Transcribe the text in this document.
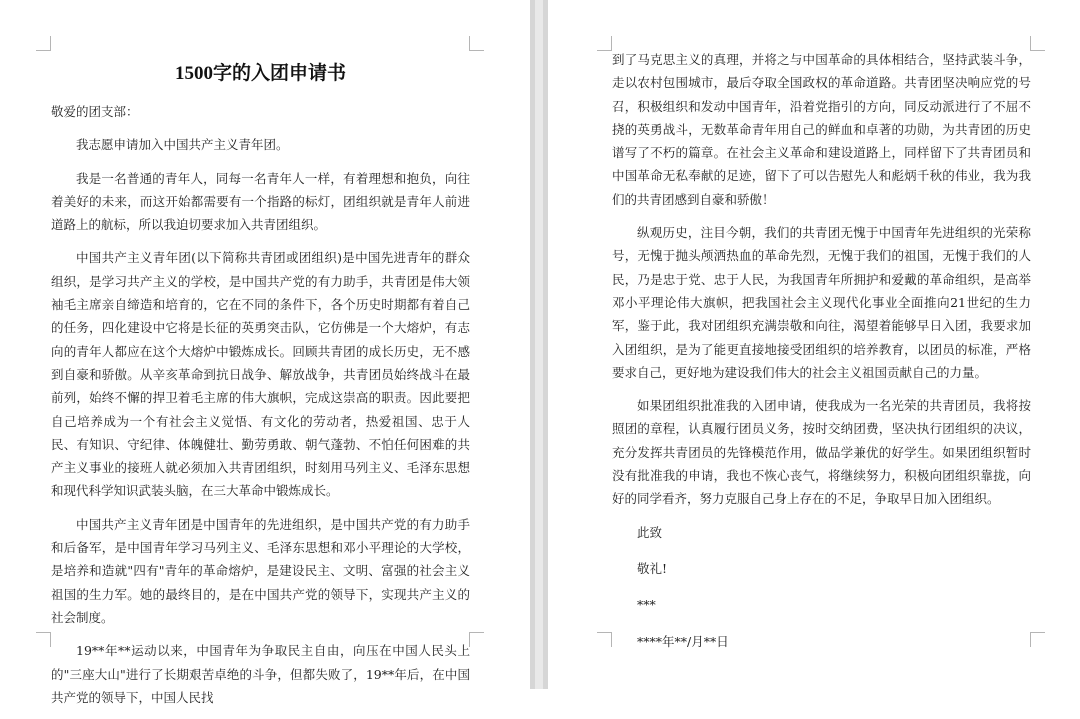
1500字的入团申请书

敬爱的团支部：

我志愿申请加入中国共产主义青年团。

我是一名普通的青年人，同每一名青年人一样，有着理想和抱负，向往着美好的未来，而这开始都需要有一个指路的标灯，团组织就是青年人前进道路上的航标，所以我迫切要求加入共青团组织。

中国共产主义青年团(以下简称共青团或团组织)是中国先进青年的群众组织，是学习共产主义的学校，是中国共产党的有力助手，共青团是伟大领袖毛主席亲自缔造和培育的，它在不同的条件下，各个历史时期都有着自己的任务，四化建设中它将是长征的英勇突击队，它仿佛是一个大熔炉，有志向的青年人都应在这个大熔炉中锻炼成长。回顾共青团的成长历史，无不感到自豪和骄傲。从辛亥革命到抗日战争、解放战争，共青团员始终战斗在最前列，始终不懈的捍卫着毛主席的伟大旗帜，完成这崇高的职责。因此要把自己培养成为一个有社会主义觉悟、有文化的劳动者，热爱祖国、忠于人民、有知识、守纪律、体魄健壮、勤劳勇敢、朝气蓬勃、不怕任何困难的共产主义事业的接班人就必须加入共青团组织，时刻用马列主义、毛泽东思想和现代科学知识武装头脑，在三大革命中锻炼成长。

中国共产主义青年团是中国青年的先进组织，是中国共产党的有力助手和后备军，是中国青年学习马列主义、毛泽东思想和邓小平理论的大学校，是培养和造就"四有"青年的革命熔炉，是建设民主、文明、富强的社会主义祖国的生力军。她的最终目的，是在中国共产党的领导下，实现共产主义的社会制度。

19**年**运动以来，中国青年为争取民主自由，向压在中国人民头上的"三座大山"进行了长期艰苦卓绝的斗争，但都失败了，19**年后，在中国共产党的领导下，中国人民找

到了马克思主义的真理，并将之与中国革命的具体相结合，坚持武装斗争，走以农村包围城市，最后夺取全国政权的革命道路。共青团坚决响应党的号召，积极组织和发动中国青年，沿着党指引的方向，同反动派进行了不屈不挠的英勇战斗，无数革命青年用自己的鲜血和卓著的功勋，为共青团的历史谱写了不朽的篇章。在社会主义革命和建设道路上，同样留下了共青团员和中国革命无私奉献的足迹，留下了可以告慰先人和彪炳千秋的伟业，我为我们的共青团感到自豪和骄傲！

纵观历史，注目今朝，我们的共青团无愧于中国青年先进组织的光荣称号，无愧于抛头颅洒热血的革命先烈，无愧于我们的祖国，无愧于我们的人民，乃是忠于党、忠于人民，为我国青年所拥护和爱戴的革命组织，是高举邓小平理论伟大旗帜，把我国社会主义现代化事业全面推向21世纪的生力军，鉴于此，我对团组织充满崇敬和向往，渴望着能够早日入团，我要求加入团组织，是为了能更直接地接受团组织的培养教育，以团员的标准，严格要求自己，更好地为建设我们伟大的社会主义祖国贡献自己的力量。

如果团组织批准我的入团申请，使我成为一名光荣的共青团员，我将按照团的章程，认真履行团员义务，按时交纳团费，坚决执行团组织的决议，充分发挥共青团员的先锋模范作用，做品学兼优的好学生。如果团组织暂时没有批准我的申请，我也不恢心丧气，将继续努力，积极向团组织靠拢，向好的同学看齐，努力克服自己身上存在的不足，争取早日加入团组织。

此致

敬礼!

***

****年**/月**日
